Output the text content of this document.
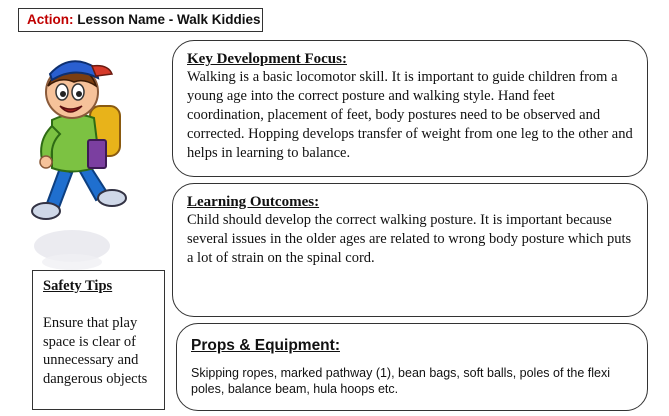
Action: Lesson Name - Walk Kiddies
Key Development Focus:
Walking is a basic locomotor skill. It is important to guide children from a young age into the correct posture and walking style. Hand feet coordination, placement of feet, body postures need to be observed and corrected. Hopping develops transfer of weight from one leg to the other and helps in learning to balance.
Learning Outcomes:
Child should develop the correct walking posture. It is important because several issues in the older ages are related to wrong body posture which puts a lot of strain on the spinal cord.
Safety Tips
Ensure that play space is clear of unnecessary and dangerous objects
Props & Equipment:
Skipping ropes, marked pathway (1), bean bags, soft balls, poles of the flexi poles, balance beam, hula hoops etc.
